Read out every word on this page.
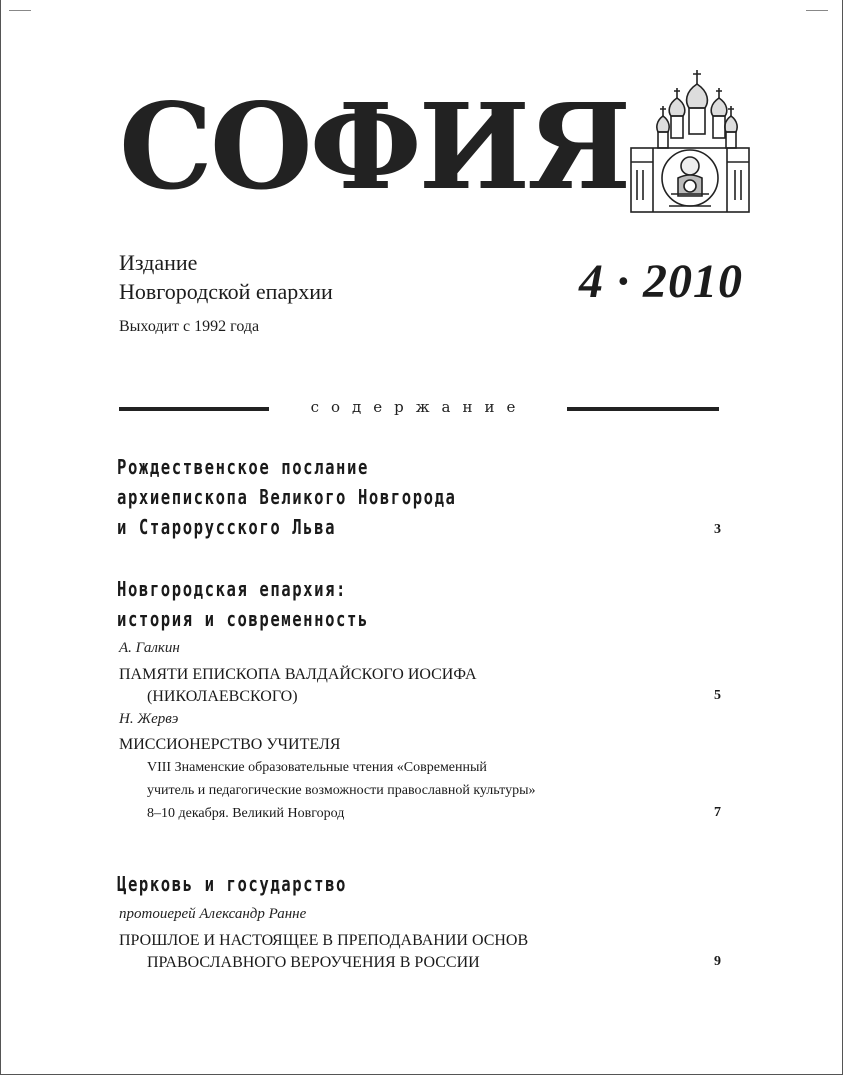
СОФИЯ
Издание
Новгородской епархии
Выходит с 1992 года
4 · 2010
содержание
Рождественское послание
архиепископа Великого Новгорода
и Старорусского Льва	3
Новгородская епархия:
история и современность
А. Галкин
ПАМЯТИ ЕПИСКОПА ВАЛДАЙСКОГО ИОСИФА
(НИКОЛАЕВСКОГО)	5
Н. Жервэ
МИССИОНЕРСТВО УЧИТЕЛЯ
VIII Знаменские образовательные чтения «Современный
учитель и педагогические возможности православной культуры»
8–10 декабря. Великий Новгород	7
Церковь и государство
протоиерей Александр Ранне
ПРОШЛОЕ И НАСТОЯЩЕЕ В ПРЕПОДАВАНИИ ОСНОВ
ПРАВОСЛАВНОГО ВЕРОУЧЕНИЯ В РОССИИ	9
